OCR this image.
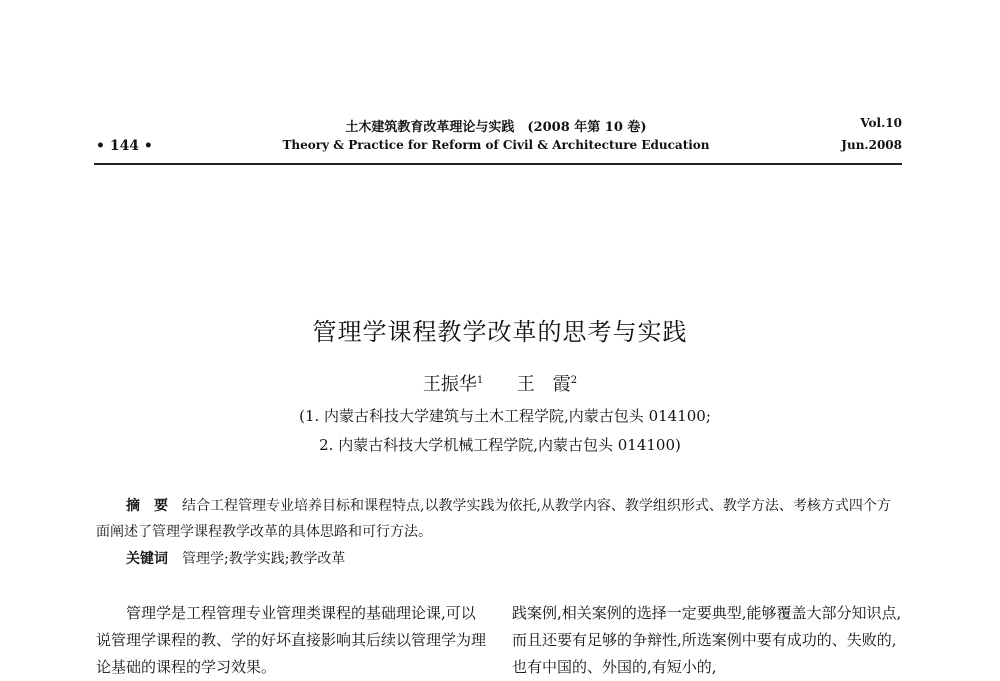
• 144 •
土木建筑教育改革理论与实践　(2008 年第 10 卷)
Theory & Practice for Reform of Civil & Architecture Education
Vol.10
Jun.2008
管理学课程教学改革的思考与实践
王振华$^1$ 王　霞$^2$
(1. 内蒙古科技大学建筑与土木工程学院,内蒙古包头 014100;
2. 内蒙古科技大学机械工程学院,内蒙古包头 014100)
摘　要 结合工程管理专业培养目标和课程特点,以教学实践为依托,从教学内容、教学组织形式、教学方法、考核方式四个方面阐述了管理学课程教学改革的具体思路和可行方法。
关键词 管理学;教学实践;教学改革

管理学是工程管理专业管理类课程的基础理论课,可以说管理学课程的教、学的好坏直接影响其后续以管理学为理论基础的课程的学习效果。

践案例,相关案例的选择一定要典型,能够覆盖大部分知识点,而且还要有足够的争辩性,所选案例中要有成功的、失败的,也有中国的、外国的,有短小的,
